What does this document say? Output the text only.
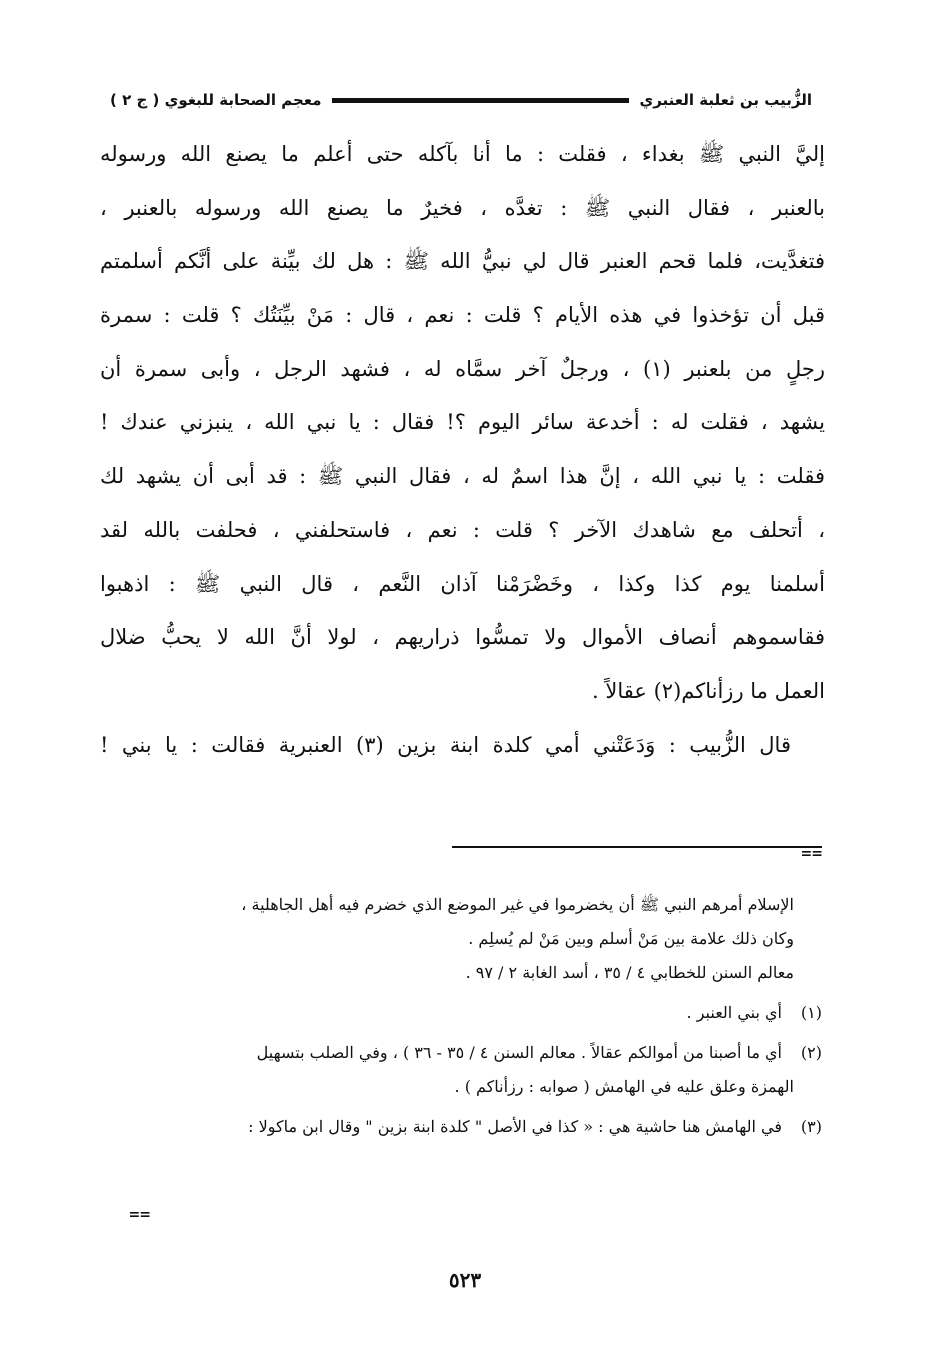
الزُّبيب بن ثعلبة العنبري
معجم الصحابة للبغوي ( ج ٢ )
إليَّ النبي ﷺ بغداء ، فقلت : ما أنا بآكله حتى أعلم ما يصنع الله ورسوله
بالعنبر ، فقال النبي ﷺ : تغدَّه ، فخيرٌ ما يصنع الله ورسوله بالعنبر ،
فتغدَّيت، فلما قحم العنبر قال لي نبيُّ الله ﷺ : هل لك بيِّنة على أنَّكم أسلمتم
قبل أن تؤخذوا في هذه الأيام ؟ قلت : نعم ، قال : مَنْ بيِّنَتُك ؟ قلت : سمرة
رجلٍ من بلعنبر (١) ، ورجلٌ آخر سمَّاه له ، فشهد الرجل ، وأبى سمرة أن
يشهد ، فقلت له : أخدعة سائر اليوم ؟! فقال : يا نبي الله ، ينبزني عندك !
فقلت : يا نبي الله ، إنَّ هذا اسمٌ له ، فقال النبي ﷺ : قد أبى أن يشهد لك
، أتحلف مع شاهدك الآخر ؟ قلت : نعم ، فاستحلفني ، فحلفت بالله لقد
أسلمنا يوم كذا وكذا ، وخَضْرَمْنا آذان النَّعم ، قال النبي ﷺ : اذهبوا
فقاسموهم أنصاف الأموال ولا تمسُّوا ذراريهم ، لولا أنَّ الله لا يحبُّ ضلال
العمل ما رزأناكم(٢) عقالاً .
قال الزُّبيب : وَدَعَتْني أمي كلدة ابنة بزين (٣) العنبرية فقالت : يا بني !
==
الإسلام أمرهم النبي ﷺ أن يخضرموا في غير الموضع الذي خضرم فيه أهل الجاهلية ،
وكان ذلك علامة بين مَنْ أسلم وبين مَنْ لم يُسلِم .
معالم السنن للخطابي ٤ / ٣٥ ، أسد الغابة ٢ / ٩٧ .
(١)أي بني العنبر .
(٢)أي ما أصبنا من أموالكم عقالاً . معالم السنن ٤ / ٣٥ - ٣٦ ) ، وفي الصلب بتسهيل
الهمزة وعلق عليه في الهامش ( صوابه : رزأناكم ) .
(٣)في الهامش هنا حاشية هي : « كذا في الأصل " كلدة ابنة بزين " وقال ابن ماكولا :
==
٥٢٣
